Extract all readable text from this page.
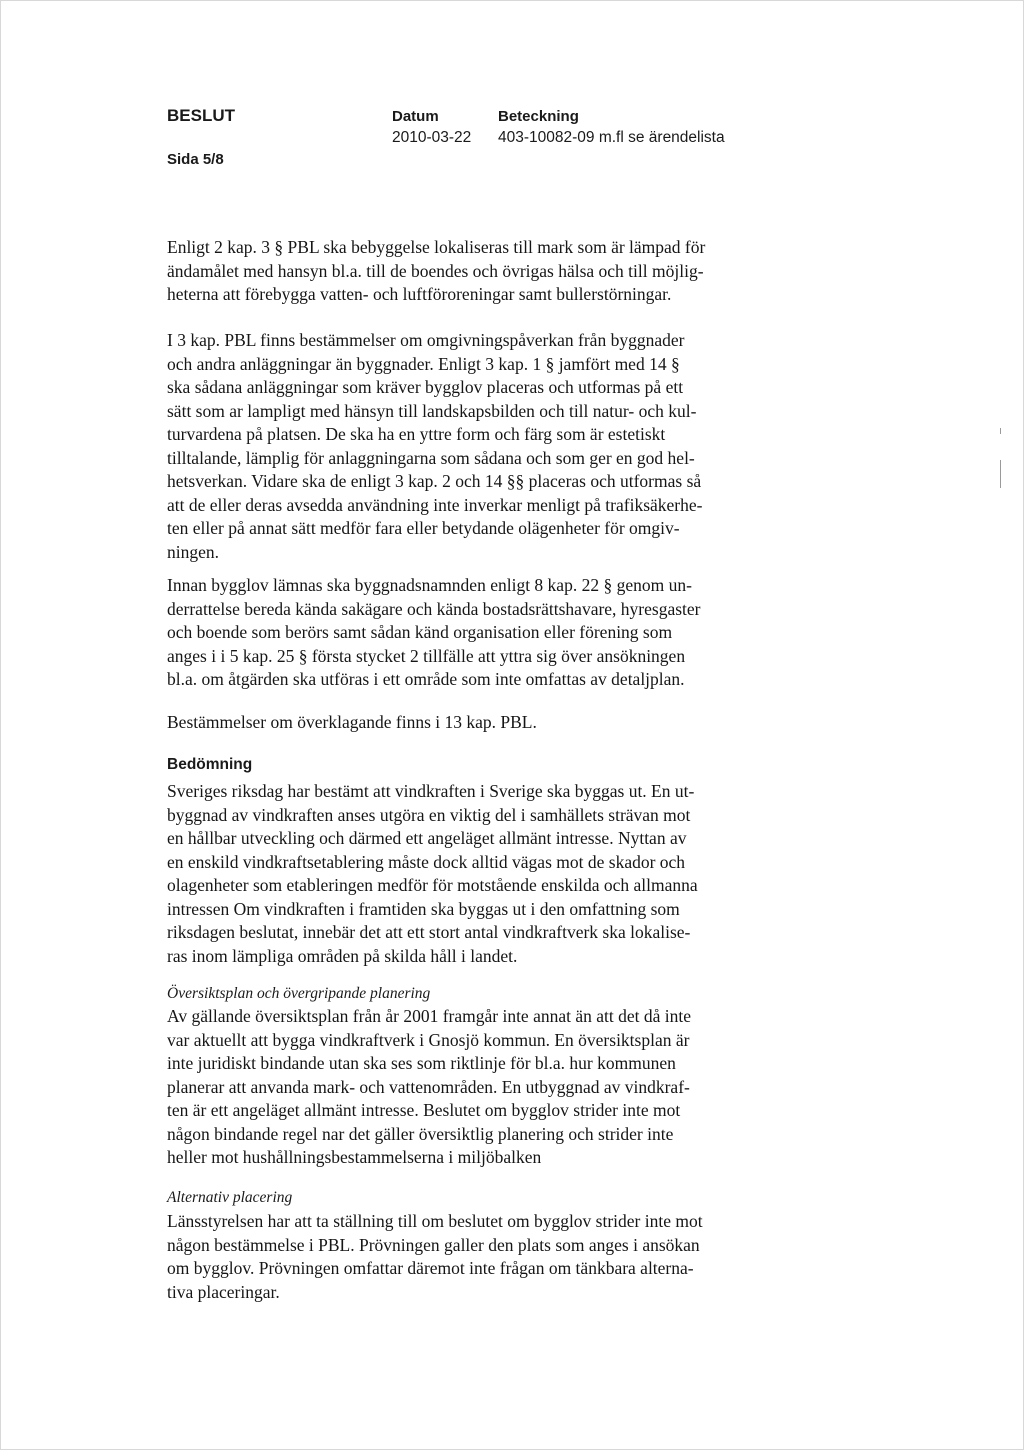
BESLUT
Sida 5/8
Datum
2010-03-22
Beteckning
403-10082-09 m.fl se ärendelista
Enligt 2 kap. 3 § PBL ska bebyggelse lokaliseras till mark som är lämpad för
ändamålet med hansyn bl.a. till de boendes och övrigas hälsa och till möjlig-
heterna att förebygga vatten- och luftföroreningar samt bullerstörningar.
I 3 kap. PBL finns bestämmelser om omgivningspåverkan från byggnader
och andra anläggningar än byggnader. Enligt 3 kap. 1 § jamfört med 14 §
ska sådana anläggningar som kräver bygglov placeras och utformas på ett
sätt som ar lampligt med hänsyn till landskapsbilden och till natur- och kul-
turvardena på platsen. De ska ha en yttre form och färg som är estetiskt
tilltalande, lämplig för anlaggningarna som sådana och som ger en god hel-
hetsverkan. Vidare ska de enligt 3 kap. 2 och 14 §§ placeras och utformas så
att de eller deras avsedda användning inte inverkar menligt på trafiksäkerhe-
ten eller på annat sätt medför fara eller betydande olägenheter för omgiv-
ningen.
Innan bygglov lämnas ska byggnadsnamnden enligt 8 kap. 22 § genom un-
derrattelse bereda kända sakägare och kända bostadsrättshavare, hyresgaster
och boende som berörs samt sådan känd organisation eller förening som
anges i i 5 kap. 25 § första stycket 2 tillfälle att yttra sig över ansökningen
bl.a. om åtgärden ska utföras i ett område som inte omfattas av detaljplan.
Bestämmelser om överklagande finns i 13 kap. PBL.
Bedömning
Sveriges riksdag har bestämt att vindkraften i Sverige ska byggas ut. En ut-
byggnad av vindkraften anses utgöra en viktig del i samhällets strävan mot
en hållbar utveckling och därmed ett angeläget allmänt intresse. Nyttan av
en enskild vindkraftsetablering måste dock alltid vägas mot de skador och
olagenheter som etableringen medför för motstående enskilda och allmanna
intressen Om vindkraften i framtiden ska byggas ut i den omfattning som
riksdagen beslutat, innebär det att ett stort antal vindkraftverk ska lokalise-
ras inom lämpliga områden på skilda håll i landet.
Översiktsplan och övergripande planering
Av gällande översiktsplan från år 2001 framgår inte annat än att det då inte
var aktuellt att bygga vindkraftverk i Gnosjö kommun. En översiktsplan är
inte juridiskt bindande utan ska ses som riktlinje för bl.a. hur kommunen
planerar att anvanda mark- och vattenområden. En utbyggnad av vindkraf-
ten är ett angeläget allmänt intresse. Beslutet om bygglov strider inte mot
någon bindande regel nar det gäller översiktlig planering och strider inte
heller mot hushållningsbestammelserna i miljöbalken
Alternativ placering
Länsstyrelsen har att ta ställning till om beslutet om bygglov strider inte mot
någon bestämmelse i PBL. Prövningen galler den plats som anges i ansökan
om bygglov. Prövningen omfattar däremot inte frågan om tänkbara alterna-
tiva placeringar.
